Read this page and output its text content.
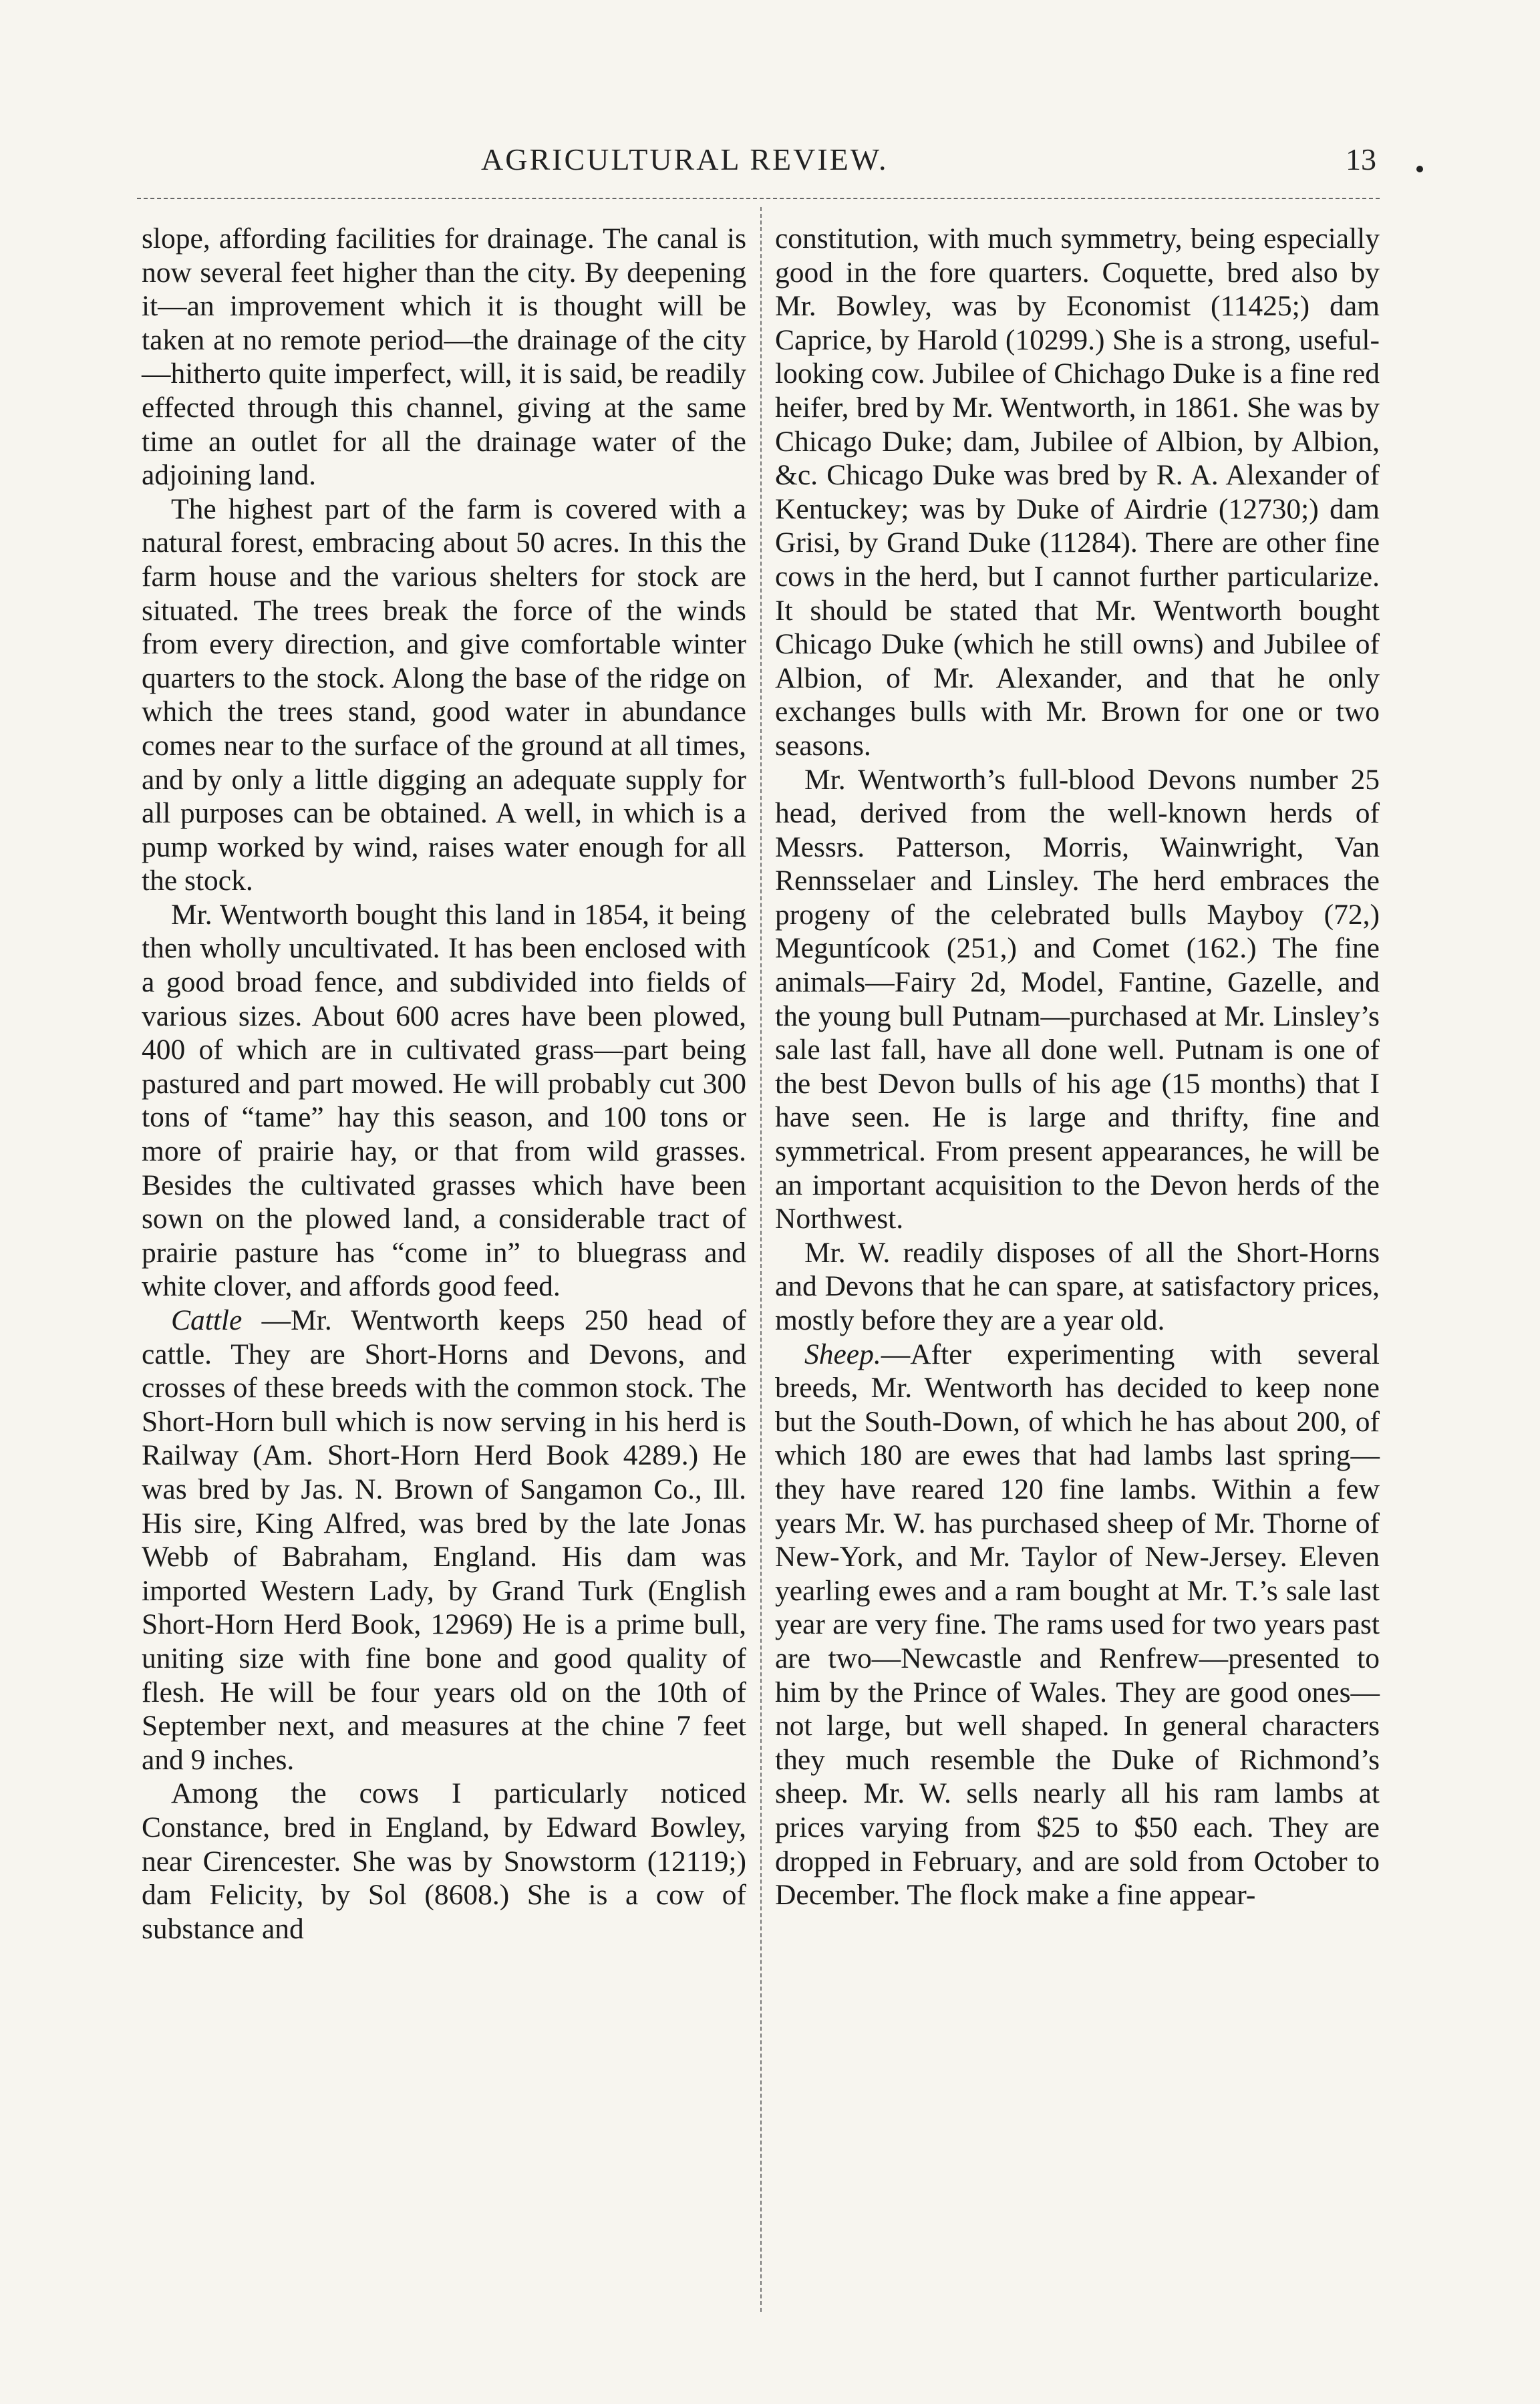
AGRICULTURAL REVIEW.	13

slope, affording facilities for drainage. The canal is now several feet higher than the city. By deepening it—an improvement which it is thought will be taken at no remote period—the drainage of the city—hitherto quite imperfect, will, it is said, be readily effected through this channel, giving at the same time an outlet for all the drainage water of the adjoining land.

The highest part of the farm is covered with a natural forest, embracing about 50 acres. In this the farm house and the various shelters for stock are situated. The trees break the force of the winds from every direction, and give comfortable winter quarters to the stock. Along the base of the ridge on which the trees stand, good water in abundance comes near to the surface of the ground at all times, and by only a little digging an adequate supply for all purposes can be obtained. A well, in which is a pump worked by wind, raises water enough for all the stock.

Mr. Wentworth bought this land in 1854, it being then wholly uncultivated. It has been enclosed with a good broad fence, and subdivided into fields of various sizes. About 600 acres have been plowed, 400 of which are in cultivated grass—part being pastured and part mowed. He will probably cut 300 tons of “tame” hay this season, and 100 tons or more of prairie hay, or that from wild grasses. Besides the cultivated grasses which have been sown on the plowed land, a considerable tract of prairie pasture has “come in” to bluegrass and white clover, and affords good feed.

Cattle —Mr. Wentworth keeps 250 head of cattle. They are Short-Horns and Devons, and crosses of these breeds with the common stock. The Short-Horn bull which is now serving in his herd is Railway (Am. Short-Horn Herd Book 4289.) He was bred by Jas. N. Brown of Sangamon Co., Ill. His sire, King Alfred, was bred by the late Jonas Webb of Babraham, England. His dam was imported Western Lady, by Grand Turk (English Short-Horn Herd Book, 12969) He is a prime bull, uniting size with fine bone and good quality of flesh. He will be four years old on the 10th of September next, and measures at the chine 7 feet and 9 inches.

Among the cows I particularly noticed Constance, bred in England, by Edward Bowley, near Cirencester. She was by Snowstorm (12119;) dam Felicity, by Sol (8608.) She is a cow of substance and

constitution, with much symmetry, being especially good in the fore quarters. Coquette, bred also by Mr. Bowley, was by Economist (11425;) dam Caprice, by Harold (10299.) She is a strong, useful-looking cow. Jubilee of Chichago Duke is a fine red heifer, bred by Mr. Wentworth, in 1861. She was by Chicago Duke; dam, Jubilee of Albion, by Albion, &c. Chicago Duke was bred by R. A. Alexander of Kentuckey; was by Duke of Airdrie (12730;) dam Grisi, by Grand Duke (11284). There are other fine cows in the herd, but I cannot further particularize. It should be stated that Mr. Wentworth bought Chicago Duke (which he still owns) and Jubilee of Albion, of Mr. Alexander, and that he only exchanges bulls with Mr. Brown for one or two seasons.

Mr. Wentworth’s full-blood Devons number 25 head, derived from the well-known herds of Messrs. Patterson, Morris, Wainwright, Van Rennsselaer and Linsley. The herd embraces the progeny of the celebrated bulls Mayboy (72,) Meguntícook (251,) and Comet (162.) The fine animals—Fairy 2d, Model, Fantine, Gazelle, and the young bull Putnam—purchased at Mr. Linsley’s sale last fall, have all done well. Putnam is one of the best Devon bulls of his age (15 months) that I have seen. He is large and thrifty, fine and symmetrical. From present appearances, he will be an important acquisition to the Devon herds of the Northwest.

Mr. W. readily disposes of all the Short-Horns and Devons that he can spare, at satisfactory prices, mostly before they are a year old.

Sheep.—After experimenting with several breeds, Mr. Wentworth has decided to keep none but the South-Down, of which he has about 200, of which 180 are ewes that had lambs last spring—they have reared 120 fine lambs. Within a few years Mr. W. has purchased sheep of Mr. Thorne of New-York, and Mr. Taylor of New-Jersey. Eleven yearling ewes and a ram bought at Mr. T.’s sale last year are very fine. The rams used for two years past are two—Newcastle and Renfrew—presented to him by the Prince of Wales. They are good ones—not large, but well shaped. In general characters they much resemble the Duke of Richmond’s sheep. Mr. W. sells nearly all his ram lambs at prices varying from $25 to $50 each. They are dropped in February, and are sold from October to December. The flock make a fine appear-
